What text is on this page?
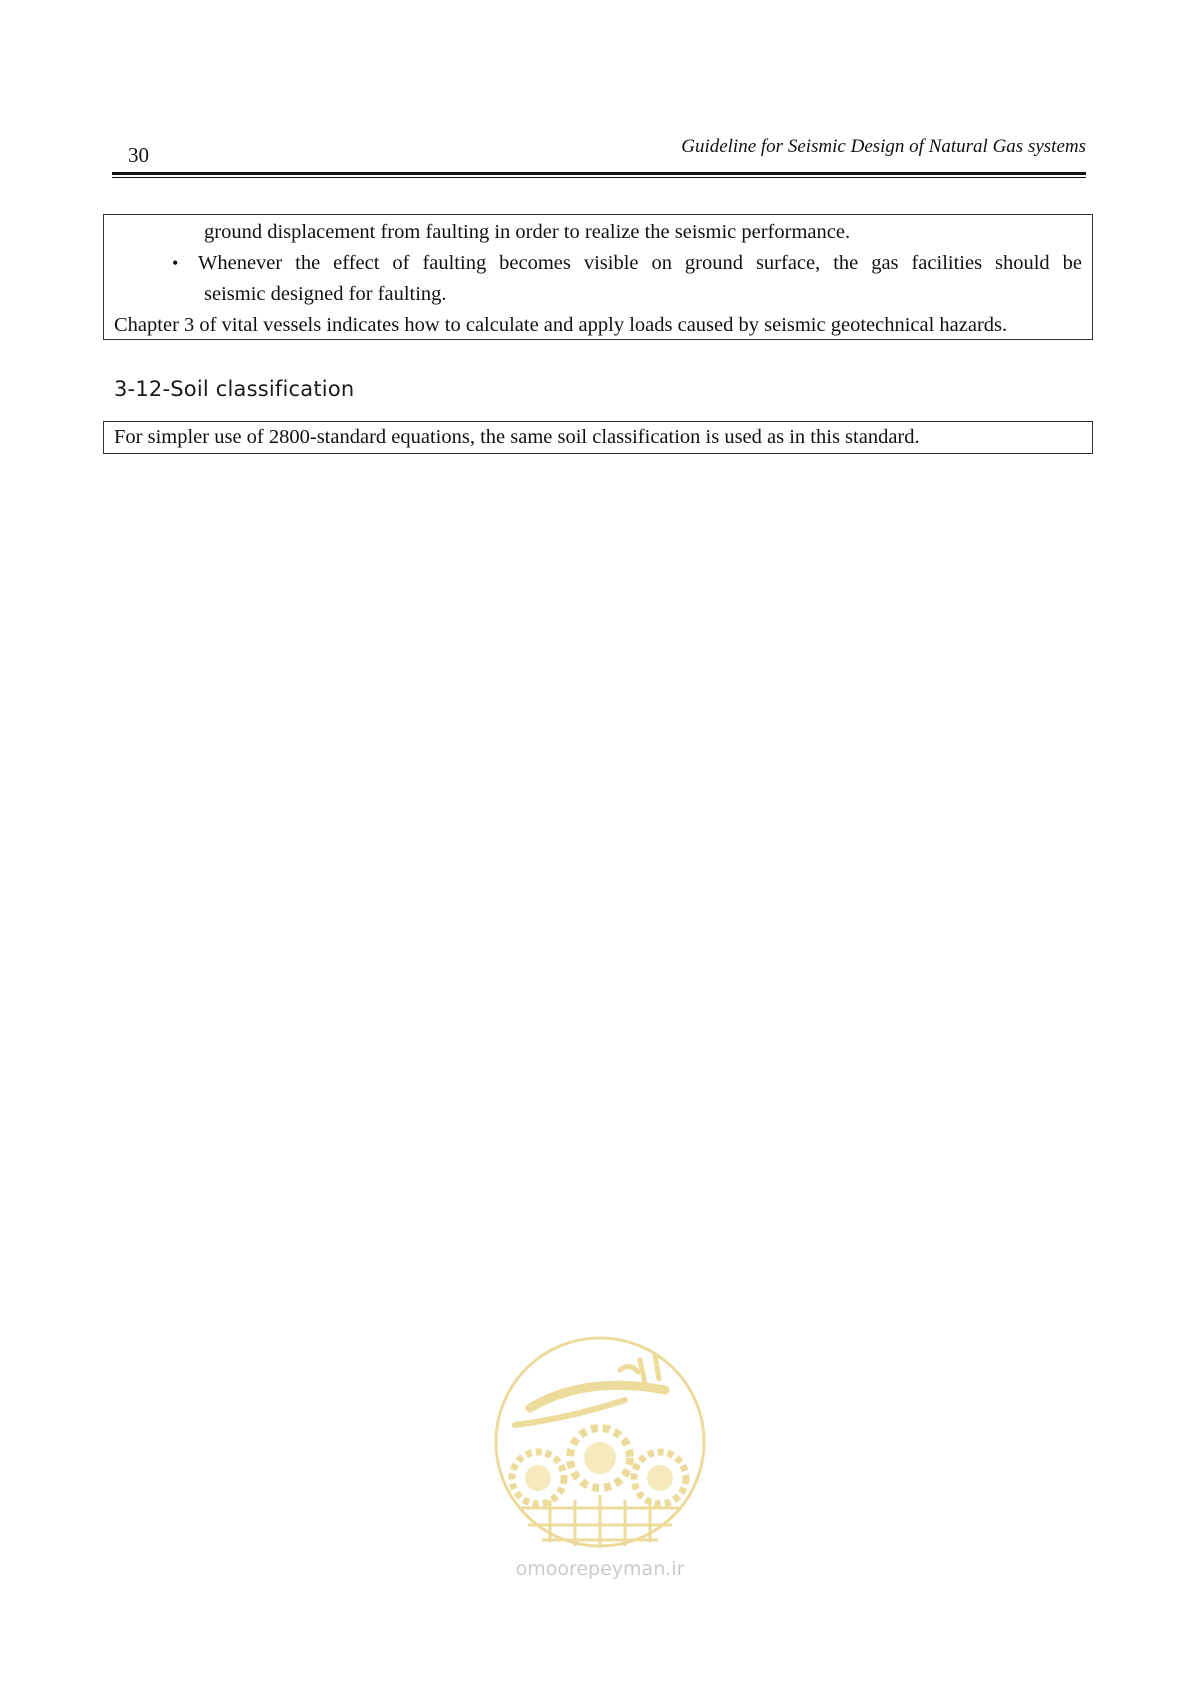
30	Guideline for Seismic Design of Natural Gas systems
ground displacement from faulting in order to realize the seismic performance.
• Whenever the effect of faulting becomes visible on ground surface, the gas facilities should be
seismic designed for faulting.
Chapter 3 of vital vessels indicates how to calculate and apply loads caused by seismic geotechnical hazards.
3-12-Soil classification
For simpler use of 2800-standard equations, the same soil classification is used as in this standard.
omoorepeyman.ir
